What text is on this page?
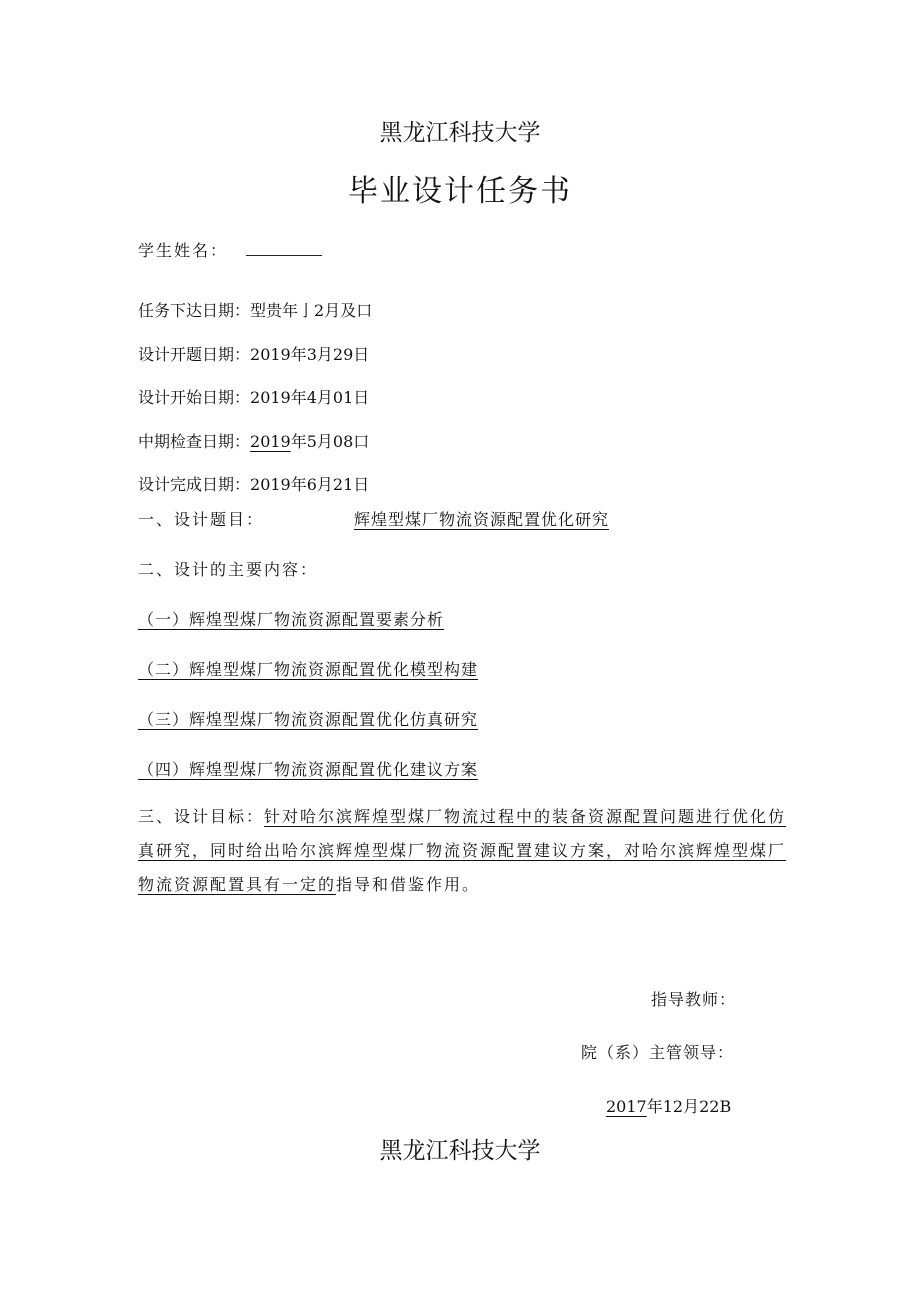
黑龙江科技大学
毕业设计任务书
学生姓名：
任务下达日期：型贵年亅2月及口
设计开题日期：2019年3月29日
设计开始日期：2019年4月01日
中期检查日期：2019年5月08口
设计完成日期：2019年6月21日
一、设计题目：	辉煌型煤厂物流资源配置优化研究
二、设计的主要内容：
（一）辉煌型煤厂物流资源配置要素分析
（二）辉煌型煤厂物流资源配置优化模型构建
（三）辉煌型煤厂物流资源配置优化仿真研究
（四）辉煌型煤厂物流资源配置优化建议方案
三、设计目标：针对哈尔滨辉煌型煤厂物流过程中的装备资源配置问题进行优化仿真研究，同时给出哈尔滨辉煌型煤厂物流资源配置建议方案，对哈尔滨辉煌型煤厂物流资源配置具有一定的指导和借鉴作用。
指导教师：
院（系）主管领导：
2017年12月22B
黑龙江科技大学
